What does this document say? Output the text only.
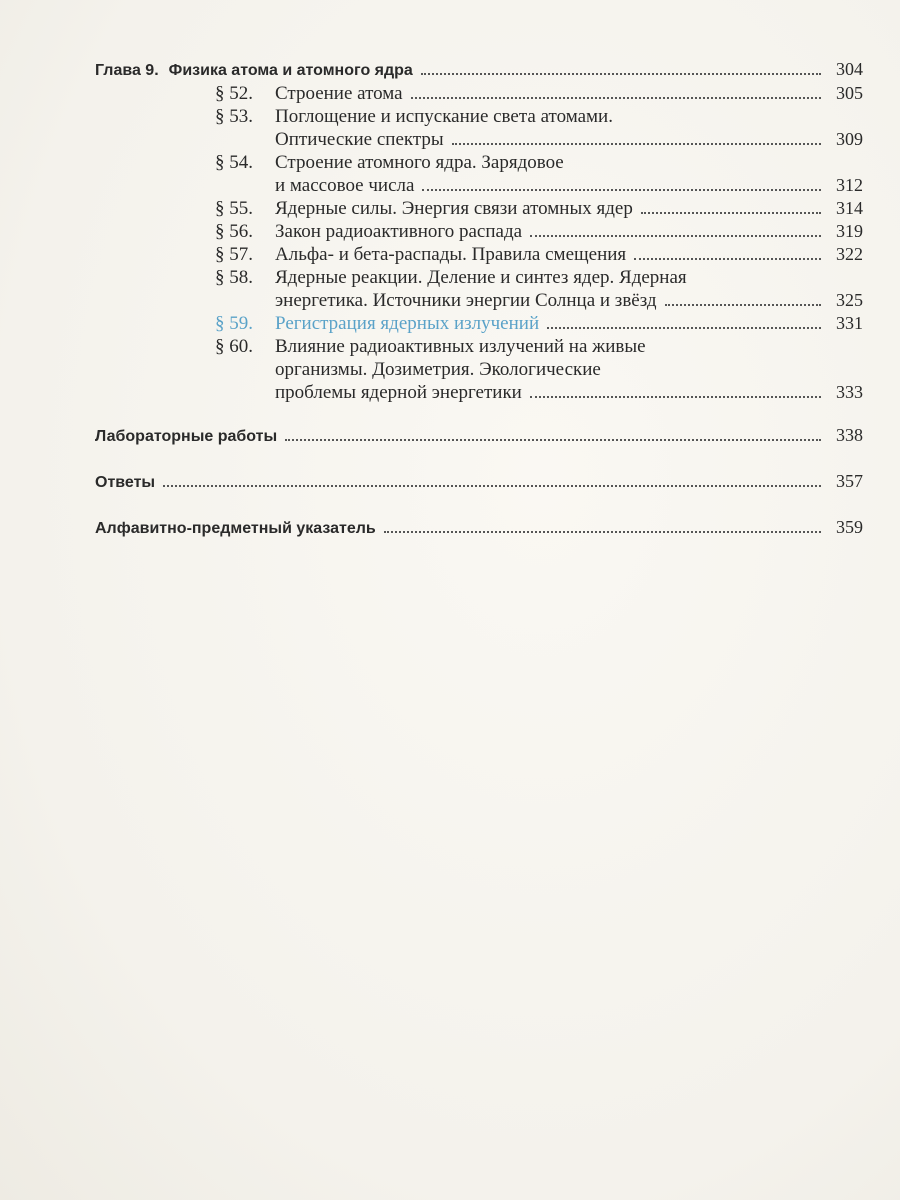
Глава 9. Физика атома и атомного ядра	304
§ 52.	Строение атома	305
§ 53.	Поглощение и испускание света атомами.
Оптические спектры	309
§ 54.	Строение атомного ядра. Зарядовое
и массовое числа	312
§ 55.	Ядерные силы. Энергия связи атомных ядер	314
§ 56.	Закон радиоактивного распада	319
§ 57.	Альфа- и бета-распады. Правила смещения	322
§ 58.	Ядерные реакции. Деление и синтез ядер. Ядерная
энергетика. Источники энергии Солнца и звёзд	325
§ 59.	Регистрация ядерных излучений	331
§ 60.	Влияние радиоактивных излучений на живые
организмы. Дозиметрия. Экологические
проблемы ядерной энергетики	333
Лабораторные работы	338
Ответы	357
Алфавитно-предметный указатель	359
